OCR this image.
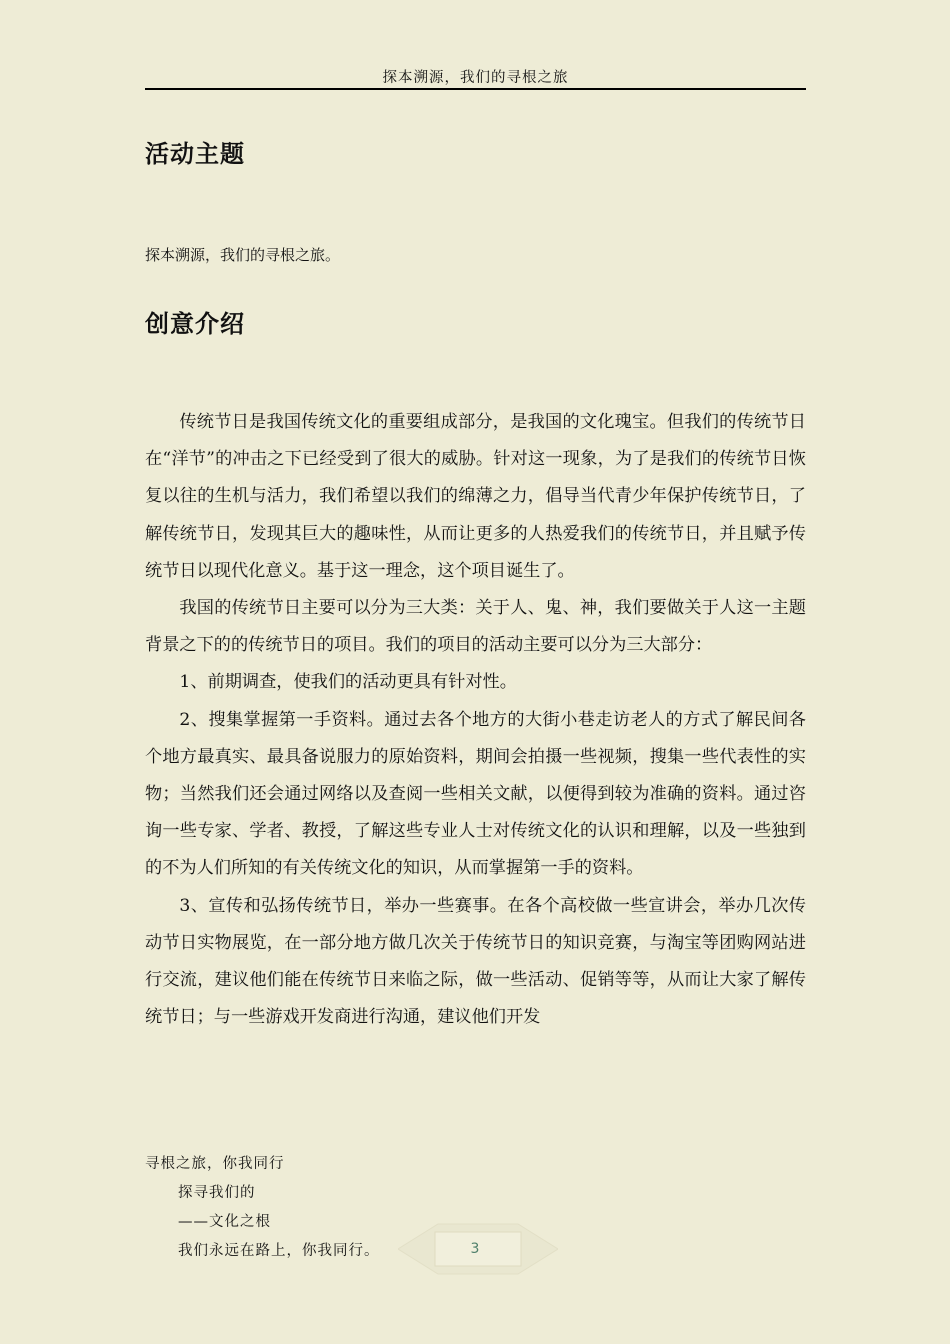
探本溯源，我们的寻根之旅
活动主题
探本溯源，我们的寻根之旅。
创意介绍

传统节日是我国传统文化的重要组成部分，是我国的文化瑰宝。但我们的传统节日在“洋节”的冲击之下已经受到了很大的威胁。针对这一现象，为了是我们的传统节日恢复以往的生机与活力，我们希望以我们的绵薄之力，倡导当代青少年保护传统节日，了解传统节日，发现其巨大的趣味性，从而让更多的人热爱我们的传统节日，并且赋予传统节日以现代化意义。基于这一理念，这个项目诞生了。

我国的传统节日主要可以分为三大类：关于人、鬼、神，我们要做关于人这一主题背景之下的的传统节日的项目。我们的项目的活动主要可以分为三大部分：

1、前期调查，使我们的活动更具有针对性。

2、搜集掌握第一手资料。通过去各个地方的大街小巷走访老人的方式了解民间各个地方最真实、最具备说服力的原始资料，期间会拍摄一些视频，搜集一些代表性的实物；当然我们还会通过网络以及查阅一些相关文献，以便得到较为准确的资料。通过咨询一些专家、学者、教授，了解这些专业人士对传统文化的认识和理解，以及一些独到的不为人们所知的有关传统文化的知识，从而掌握第一手的资料。

3、宣传和弘扬传统节日，举办一些赛事。在各个高校做一些宣讲会，举办几次传动节日实物展览，在一部分地方做几次关于传统节日的知识竞赛，与淘宝等团购网站进行交流，建议他们能在传统节日来临之际，做一些活动、促销等等，从而让大家了解传统节日；与一些游戏开发商进行沟通，建议他们开发

寻根之旅，你我同行
探寻我们的
——文化之根
我们永远在路上，你我同行。	3
